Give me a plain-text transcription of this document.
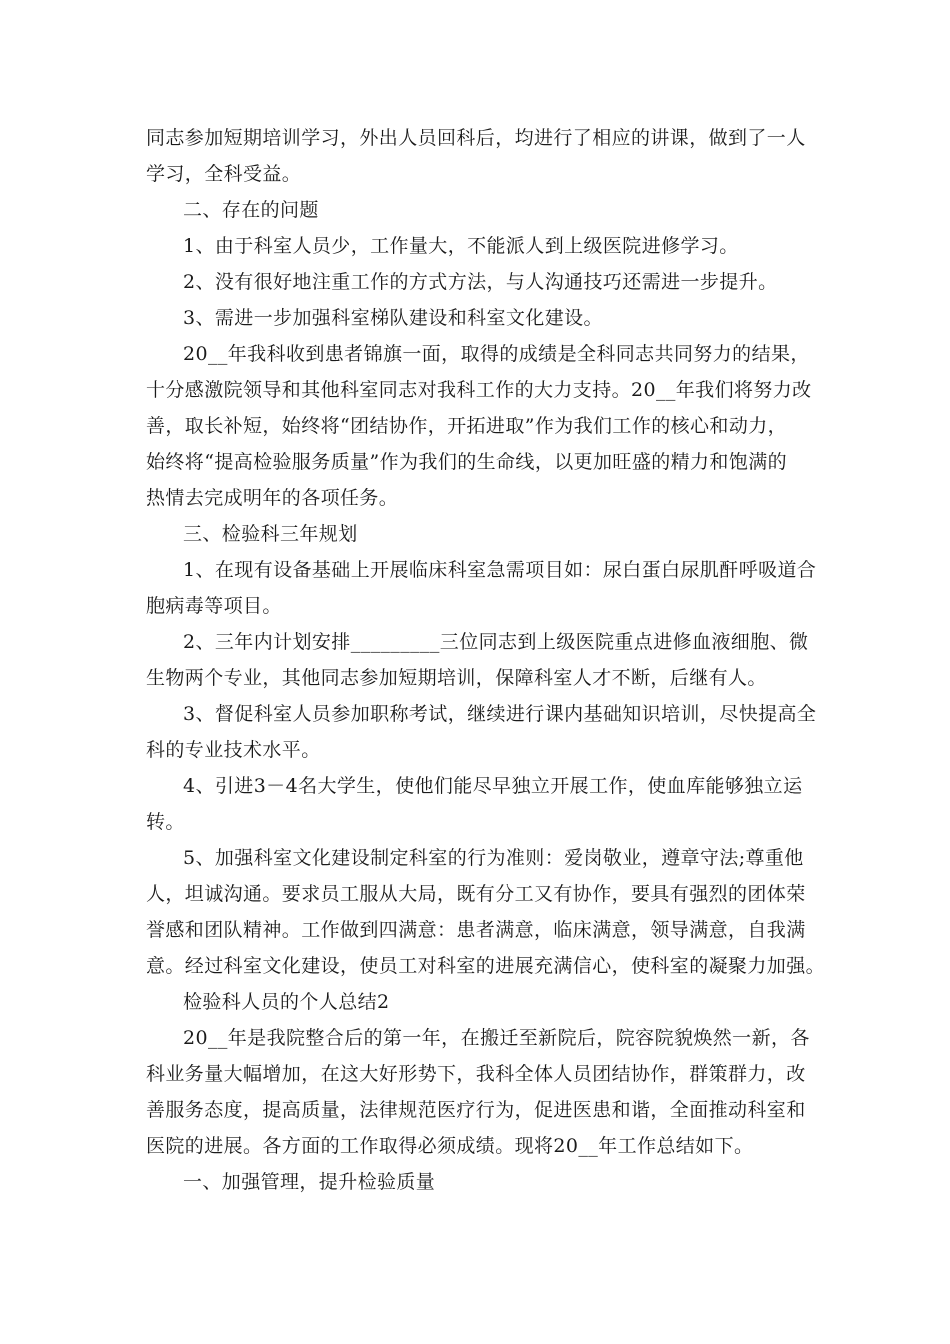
同志参加短期培训学习，外出人员回科后，均进行了相应的讲课，做到了一人
学习，全科受益。
二、存在的问题
1、由于科室人员少，工作量大，不能派人到上级医院进修学习。
2、没有很好地注重工作的方式方法，与人沟通技巧还需进一步提升。
3、需进一步加强科室梯队建设和科室文化建设。
20__年我科收到患者锦旗一面，取得的成绩是全科同志共同努力的结果，
十分感激院领导和其他科室同志对我科工作的大力支持。20__年我们将努力改
善，取长补短，始终将“团结协作，开拓进取”作为我们工作的核心和动力，
始终将“提高检验服务质量”作为我们的生命线，以更加旺盛的精力和饱满的
热情去完成明年的各项任务。
三、检验科三年规划
1、在现有设备基础上开展临床科室急需项目如：尿白蛋白尿肌酐呼吸道合
胞病毒等项目。
2、三年内计划安排_________三位同志到上级医院重点进修血液细胞、微
生物两个专业，其他同志参加短期培训，保障科室人才不断，后继有人。
3、督促科室人员参加职称考试，继续进行课内基础知识培训，尽快提高全
科的专业技术水平。
4、引进3－4名大学生，使他们能尽早独立开展工作，使血库能够独立运
转。
5、加强科室文化建设制定科室的行为准则：爱岗敬业，遵章守法;尊重他
人，坦诚沟通。要求员工服从大局，既有分工又有协作，要具有强烈的团体荣
誉感和团队精神。工作做到四满意：患者满意，临床满意，领导满意，自我满
意。经过科室文化建设，使员工对科室的进展充满信心，使科室的凝聚力加强。
检验科人员的个人总结2
20__年是我院整合后的第一年，在搬迁至新院后，院容院貌焕然一新，各
科业务量大幅增加，在这大好形势下，我科全体人员团结协作，群策群力，改
善服务态度，提高质量，法律规范医疗行为，促进医患和谐，全面推动科室和
医院的进展。各方面的工作取得必须成绩。现将20__年工作总结如下。
一、加强管理，提升检验质量
